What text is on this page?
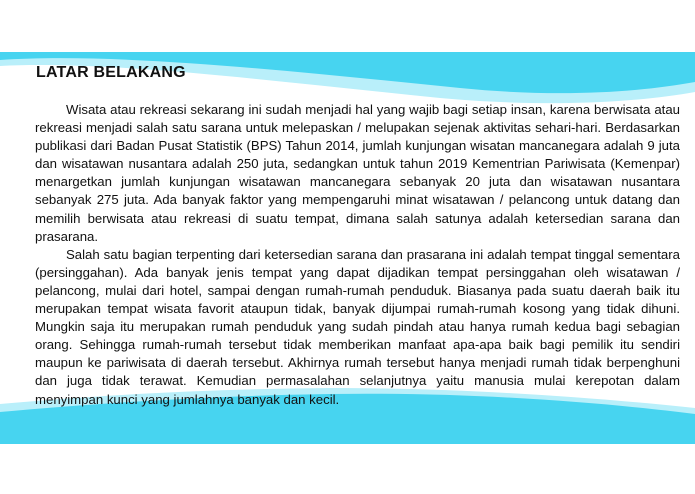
LATAR BELAKANG

Wisata atau rekreasi sekarang ini sudah menjadi hal yang wajib bagi setiap insan, karena berwisata atau rekreasi menjadi salah satu sarana untuk melepaskan / melupakan sejenak aktivitas sehari-hari. Berdasarkan publikasi dari Badan Pusat Statistik (BPS) Tahun 2014, jumlah kunjungan wisatan mancanegara adalah 9 juta dan wisatawan nusantara adalah 250 juta, sedangkan untuk tahun 2019 Kementrian Pariwisata (Kemenpar) menargetkan jumlah kunjungan wisatawan mancanegara sebanyak 20 juta dan wisatawan nusantara sebanyak 275 juta. Ada banyak faktor yang mempengaruhi minat wisatawan / pelancong untuk datang dan memilih berwisata atau rekreasi di suatu tempat, dimana salah satunya adalah ketersedian sarana dan prasarana.

Salah satu bagian terpenting dari ketersedian sarana dan prasarana ini adalah tempat tinggal sementara (persinggahan). Ada banyak jenis tempat yang dapat dijadikan tempat persinggahan oleh wisatawan / pelancong, mulai dari hotel, sampai dengan rumah-rumah penduduk. Biasanya pada suatu daerah baik itu merupakan tempat wisata favorit ataupun tidak, banyak dijumpai rumah-rumah kosong yang tidak dihuni. Mungkin saja itu merupakan rumah penduduk yang sudah pindah atau hanya rumah kedua bagi sebagian orang. Sehingga rumah-rumah tersebut tidak memberikan manfaat apa-apa baik bagi pemilik itu sendiri maupun ke pariwisata di daerah tersebut. Akhirnya rumah tersebut hanya menjadi rumah tidak berpenghuni dan juga tidak terawat. Kemudian permasalahan selanjutnya yaitu manusia mulai kerepotan dalam menyimpan kunci yang jumlahnya banyak dan kecil.
